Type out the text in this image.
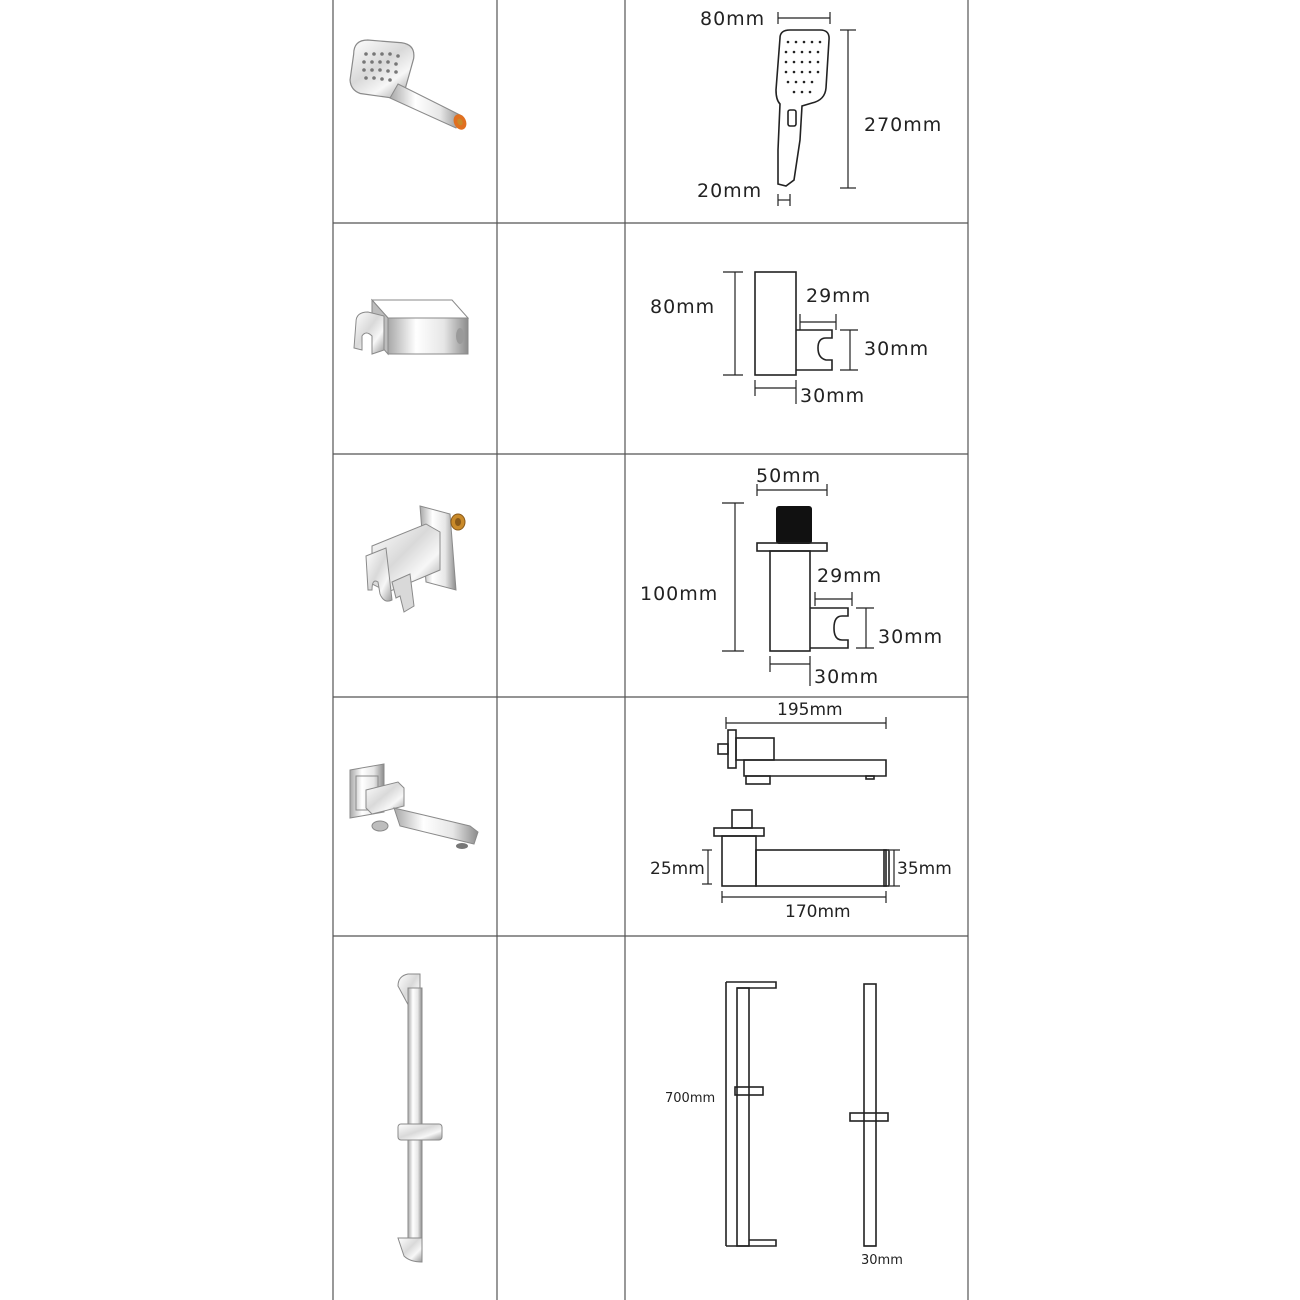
80mm
270mm
20mm
80mm	29mm
30mm
30mm
50mm
100mm
29mm
30mm
30mm
195mm
25mm	35mm
170mm
700mm
30mm
